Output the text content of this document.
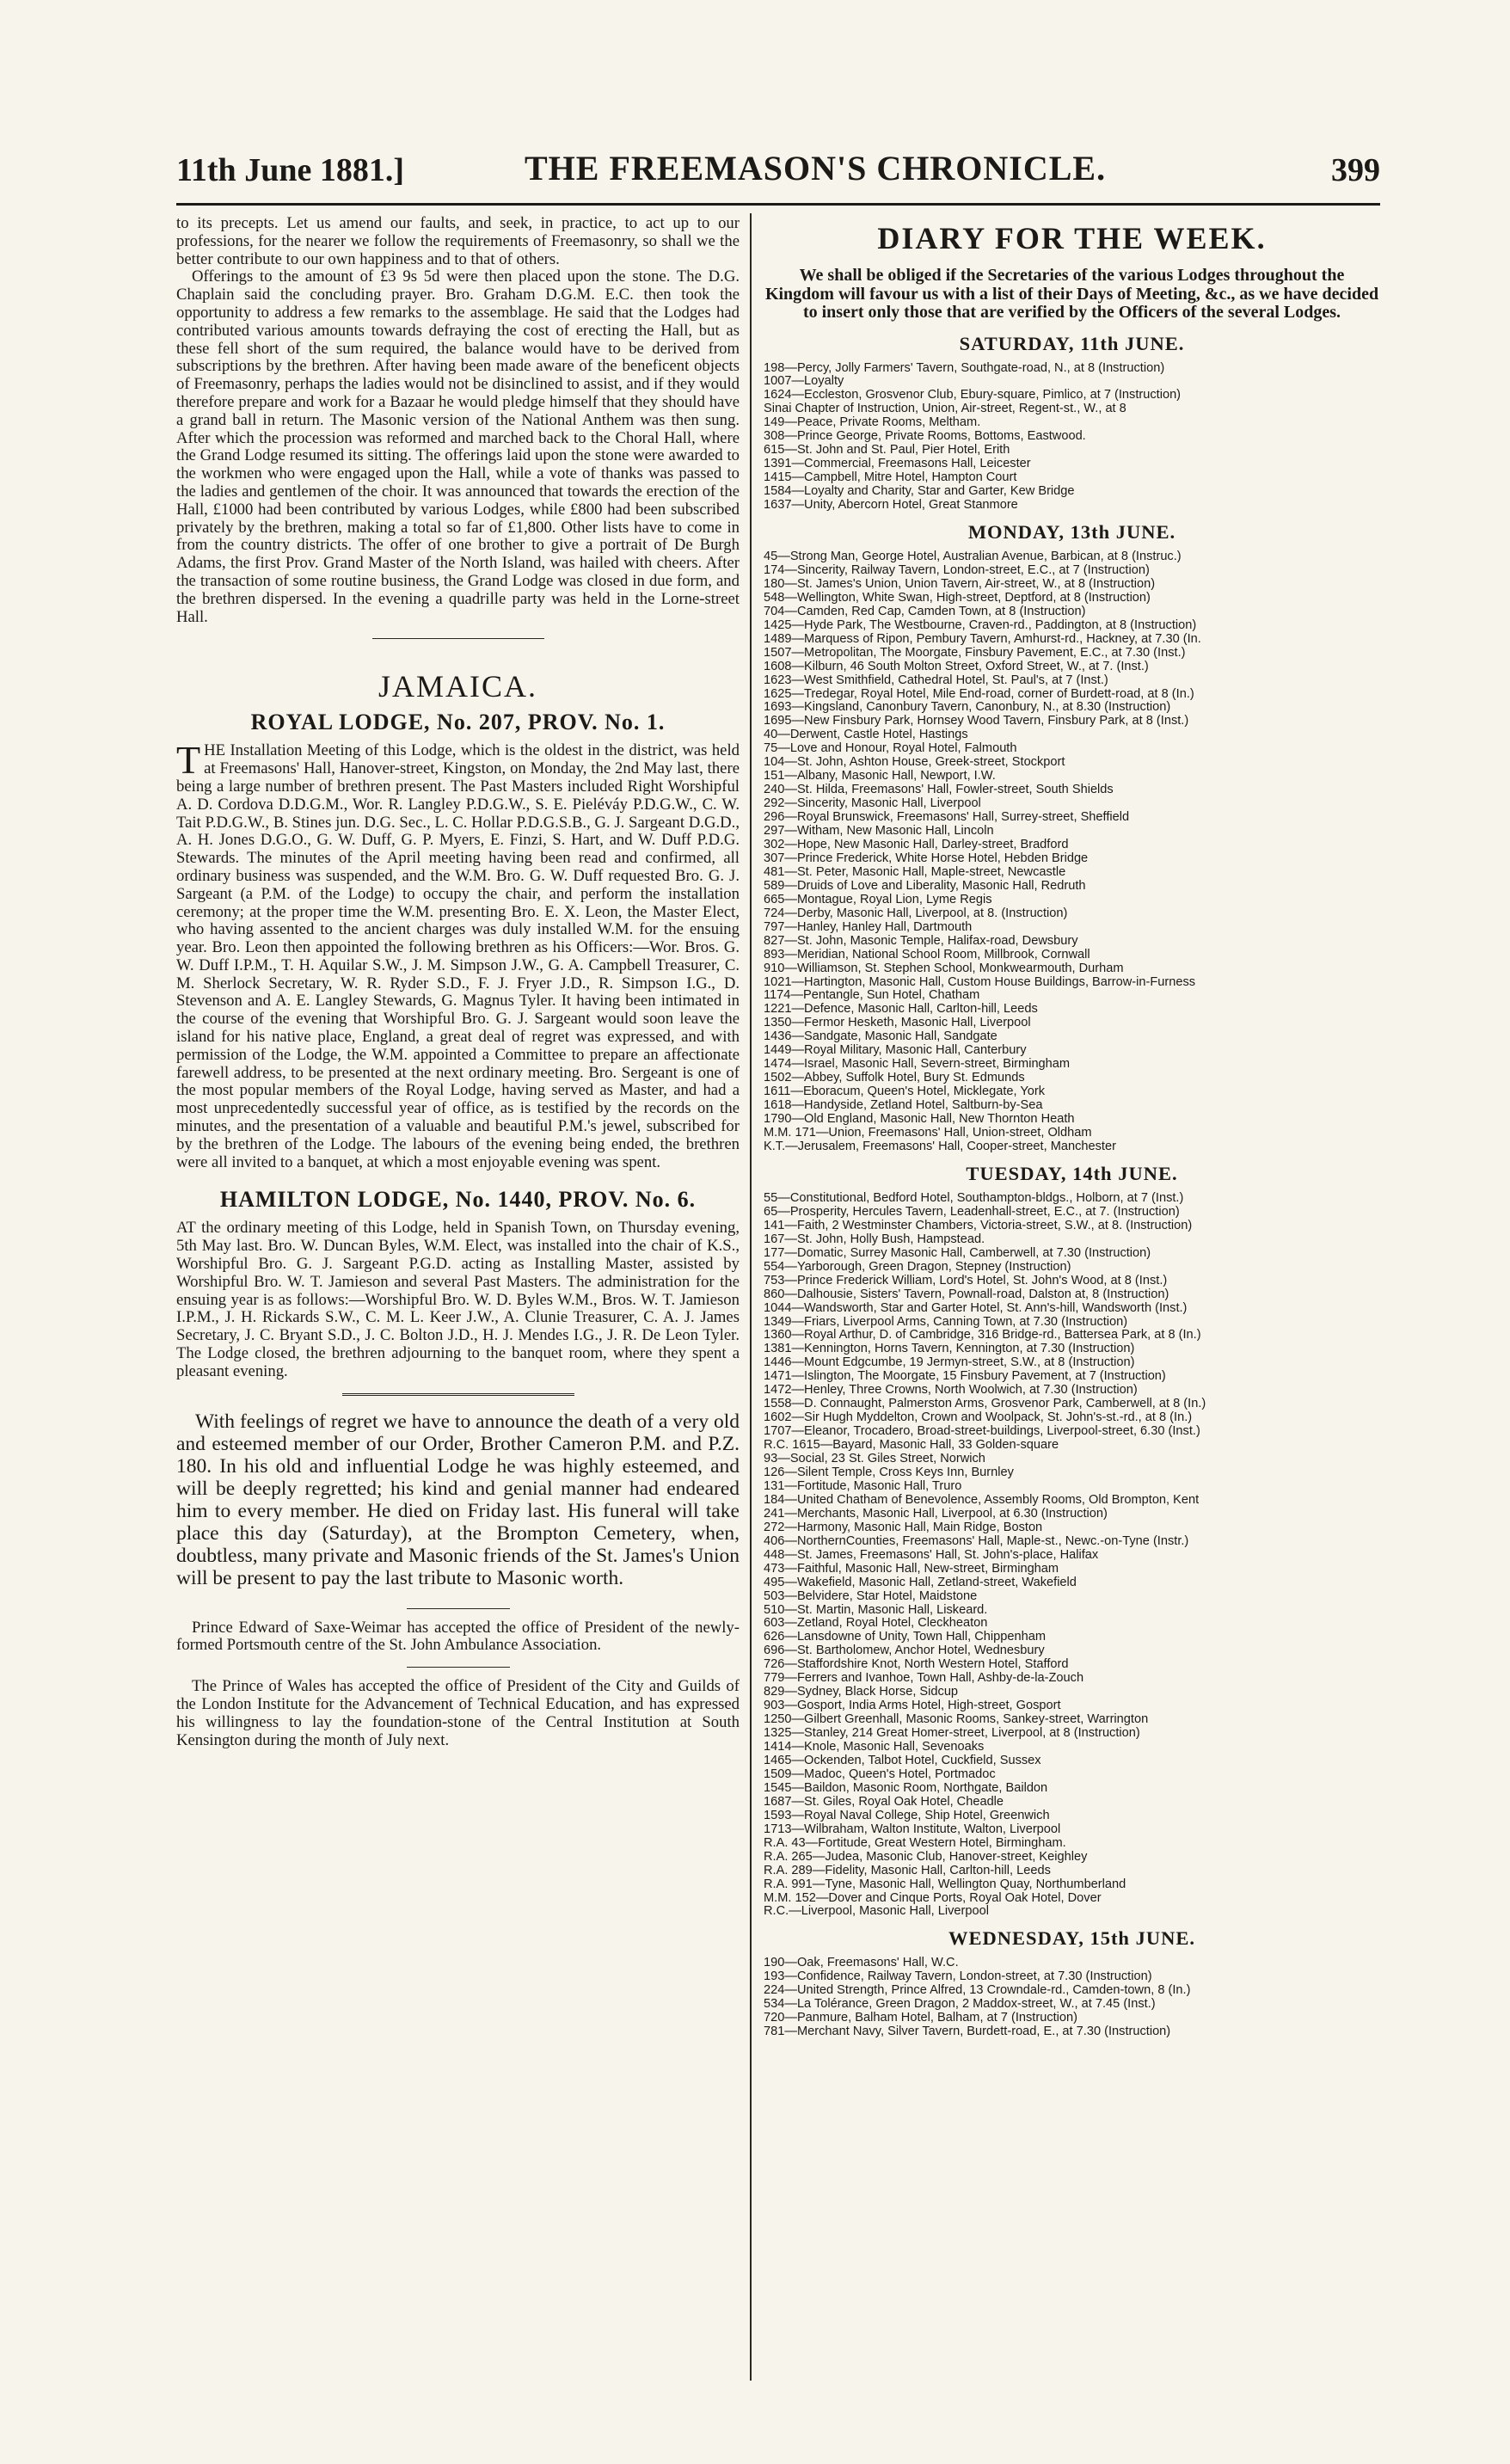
11th June 1881.]	THE FREEMASON'S CHRONICLE.	399

to its precepts. Let us amend our faults, and seek, in practice, to act up to our professions, for the nearer we follow the requirements of Freemasonry, so shall we the better contribute to our own happiness and to that of others.

Offerings to the amount of £3 9s 5d were then placed upon the stone. The D.G. Chaplain said the concluding prayer. Bro. Graham D.G.M. E.C. then took the opportunity to address a few remarks to the assemblage. He said that the Lodges had contributed various amounts towards defraying the cost of erecting the Hall, but as these fell short of the sum required, the balance would have to be derived from subscriptions by the brethren. After having been made aware of the beneficent objects of Freemasonry, perhaps the ladies would not be disinclined to assist, and if they would therefore prepare and work for a Bazaar he would pledge himself that they should have a grand ball in return. The Masonic version of the National Anthem was then sung. After which the procession was reformed and marched back to the Choral Hall, where the Grand Lodge resumed its sitting. The offerings laid upon the stone were awarded to the workmen who were engaged upon the Hall, while a vote of thanks was passed to the ladies and gentlemen of the choir. It was announced that towards the erection of the Hall, £1000 had been contributed by various Lodges, while £800 had been subscribed privately by the brethren, making a total so far of £1,800. Other lists have to come in from the country districts. The offer of one brother to give a portrait of De Burgh Adams, the first Prov. Grand Master of the North Island, was hailed with cheers. After the transaction of some routine business, the Grand Lodge was closed in due form, and the brethren dispersed. In the evening a quadrille party was held in the Lorne-street Hall.

JAMAICA.
ROYAL LODGE, No. 207, PROV. No. 1.

THE Installation Meeting of this Lodge, which is the oldest in the district, was held at Freemasons' Hall, Hanover-street, Kingston, on Monday, the 2nd May last, there being a large number of brethren present. The Past Masters included Right Worshipful A. D. Cordova D.D.G.M., Wor. R. Langley P.D.G.W., S. E. Pieléváy P.D.G.W., C. W. Tait P.D.G.W., B. Stines jun. D.G. Sec., L. C. Hollar P.D.G.S.B., G. J. Sargeant D.G.D., A. H. Jones D.G.O., G. W. Duff, G. P. Myers, E. Finzi, S. Hart, and W. Duff P.D.G. Stewards. The minutes of the April meeting having been read and confirmed, all ordinary business was suspended, and the W.M. Bro. G. W. Duff requested Bro. G. J. Sargeant (a P.M. of the Lodge) to occupy the chair, and perform the installation ceremony; at the proper time the W.M. presenting Bro. E. X. Leon, the Master Elect, who having assented to the ancient charges was duly installed W.M. for the ensuing year. Bro. Leon then appointed the following brethren as his Officers:—Wor. Bros. G. W. Duff I.P.M., T. H. Aquilar S.W., J. M. Simpson J.W., G. A. Campbell Treasurer, C. M. Sherlock Secretary, W. R. Ryder S.D., F. J. Fryer J.D., R. Simpson I.G., D. Stevenson and A. E. Langley Stewards, G. Magnus Tyler. It having been intimated in the course of the evening that Worshipful Bro. G. J. Sargeant would soon leave the island for his native place, England, a great deal of regret was expressed, and with permission of the Lodge, the W.M. appointed a Committee to prepare an affectionate farewell address, to be presented at the next ordinary meeting. Bro. Sergeant is one of the most popular members of the Royal Lodge, having served as Master, and had a most unprecedentedly successful year of office, as is testified by the records on the minutes, and the presentation of a valuable and beautiful P.M.'s jewel, subscribed for by the brethren of the Lodge. The labours of the evening being ended, the brethren were all invited to a banquet, at which a most enjoyable evening was spent.

HAMILTON LODGE, No. 1440, PROV. No. 6.

AT the ordinary meeting of this Lodge, held in Spanish Town, on Thursday evening, 5th May last. Bro. W. Duncan Byles, W.M. Elect, was installed into the chair of K.S., Worshipful Bro. G. J. Sargeant P.G.D. acting as Installing Master, assisted by Worshipful Bro. W. T. Jamieson and several Past Masters. The administration for the ensuing year is as follows:—Worshipful Bro. W. D. Byles W.M., Bros. W. T. Jamieson I.P.M., J. H. Rickards S.W., C. M. L. Keer J.W., A. Clunie Treasurer, C. A. J. James Secretary, J. C. Bryant S.D., J. C. Bolton J.D., H. J. Mendes I.G., J. R. De Leon Tyler. The Lodge closed, the brethren adjourning to the banquet room, where they spent a pleasant evening.

With feelings of regret we have to announce the death of a very old and esteemed member of our Order, Brother Cameron P.M. and P.Z. 180. In his old and influential Lodge he was highly esteemed, and will be deeply regretted; his kind and genial manner had endeared him to every member. He died on Friday last. His funeral will take place this day (Saturday), at the Brompton Cemetery, when, doubtless, many private and Masonic friends of the St. James's Union will be present to pay the last tribute to Masonic worth.

Prince Edward of Saxe-Weimar has accepted the office of President of the newly-formed Portsmouth centre of the St. John Ambulance Association.

The Prince of Wales has accepted the office of President of the City and Guilds of the London Institute for the Advancement of Technical Education, and has expressed his willingness to lay the foundation-stone of the Central Institution at South Kensington during the month of July next.

DIARY FOR THE WEEK.

We shall be obliged if the Secretaries of the various Lodges throughout the Kingdom will favour us with a list of their Days of Meeting, &c., as we have decided to insert only those that are verified by the Officers of the several Lodges.

SATURDAY, 11th JUNE.
198—Percy, Jolly Farmers' Tavern, Southgate-road, N., at 8 (Instruction)
1007—Loyalty
1624—Eccleston, Grosvenor Club, Ebury-square, Pimlico, at 7 (Instruction)
Sinai Chapter of Instruction, Union, Air-street, Regent-st., W., at 8
149—Peace, Private Rooms, Meltham.
308—Prince George, Private Rooms, Bottoms, Eastwood.
615—St. John and St. Paul, Pier Hotel, Erith
1391—Commercial, Freemasons Hall, Leicester
1415—Campbell, Mitre Hotel, Hampton Court
1584—Loyalty and Charity, Star and Garter, Kew Bridge
1637—Unity, Abercorn Hotel, Great Stanmore
MONDAY, 13th JUNE.
45—Strong Man, George Hotel, Australian Avenue, Barbican, at 8 (Instruc.)
174—Sincerity, Railway Tavern, London-street, E.C., at 7 (Instruction)
180—St. James's Union, Union Tavern, Air-street, W., at 8 (Instruction)
548—Wellington, White Swan, High-street, Deptford, at 8 (Instruction)
704—Camden, Red Cap, Camden Town, at 8 (Instruction)
1425—Hyde Park, The Westbourne, Craven-rd., Paddington, at 8 (Instruction)
1489—Marquess of Ripon, Pembury Tavern, Amhurst-rd., Hackney, at 7.30 (In.
1507—Metropolitan, The Moorgate, Finsbury Pavement, E.C., at 7.30 (Inst.)
1608—Kilburn, 46 South Molton Street, Oxford Street, W., at 7. (Inst.)
1623—West Smithfield, Cathedral Hotel, St. Paul's, at 7 (Inst.)
1625—Tredegar, Royal Hotel, Mile End-road, corner of Burdett-road, at 8 (In.)
1693—Kingsland, Canonbury Tavern, Canonbury, N., at 8.30 (Instruction)
1695—New Finsbury Park, Hornsey Wood Tavern, Finsbury Park, at 8 (Inst.)
40—Derwent, Castle Hotel, Hastings
75—Love and Honour, Royal Hotel, Falmouth
104—St. John, Ashton House, Greek-street, Stockport
151—Albany, Masonic Hall, Newport, I.W.
240—St. Hilda, Freemasons' Hall, Fowler-street, South Shields
292—Sincerity, Masonic Hall, Liverpool
296—Royal Brunswick, Freemasons' Hall, Surrey-street, Sheffield
297—Witham, New Masonic Hall, Lincoln
302—Hope, New Masonic Hall, Darley-street, Bradford
307—Prince Frederick, White Horse Hotel, Hebden Bridge
481—St. Peter, Masonic Hall, Maple-street, Newcastle
589—Druids of Love and Liberality, Masonic Hall, Redruth
665—Montague, Royal Lion, Lyme Regis
724—Derby, Masonic Hall, Liverpool, at 8. (Instruction)
797—Hanley, Hanley Hall, Dartmouth
827—St. John, Masonic Temple, Halifax-road, Dewsbury
893—Meridian, National School Room, Millbrook, Cornwall
910—Williamson, St. Stephen School, Monkwearmouth, Durham
1021—Hartington, Masonic Hall, Custom House Buildings, Barrow-in-Furness
1174—Pentangle, Sun Hotel, Chatham
1221—Defence, Masonic Hall, Carlton-hill, Leeds
1350—Fermor Hesketh, Masonic Hall, Liverpool
1436—Sandgate, Masonic Hall, Sandgate
1449—Royal Military, Masonic Hall, Canterbury
1474—Israel, Masonic Hall, Severn-street, Birmingham
1502—Abbey, Suffolk Hotel, Bury St. Edmunds
1611—Eboracum, Queen's Hotel, Micklegate, York
1618—Handyside, Zetland Hotel, Saltburn-by-Sea
1790—Old England, Masonic Hall, New Thornton Heath
M.M. 171—Union, Freemasons' Hall, Union-street, Oldham
K.T.—Jerusalem, Freemasons' Hall, Cooper-street, Manchester
TUESDAY, 14th JUNE.
55—Constitutional, Bedford Hotel, Southampton-bldgs., Holborn, at 7 (Inst.)
65—Prosperity, Hercules Tavern, Leadenhall-street, E.C., at 7. (Instruction)
141—Faith, 2 Westminster Chambers, Victoria-street, S.W., at 8. (Instruction)
167—St. John, Holly Bush, Hampstead.
177—Domatic, Surrey Masonic Hall, Camberwell, at 7.30 (Instruction)
554—Yarborough, Green Dragon, Stepney (Instruction)
753—Prince Frederick William, Lord's Hotel, St. John's Wood, at 8 (Inst.)
860—Dalhousie, Sisters' Tavern, Pownall-road, Dalston at, 8 (Instruction)
1044—Wandsworth, Star and Garter Hotel, St. Ann's-hill, Wandsworth (Inst.)
1349—Friars, Liverpool Arms, Canning Town, at 7.30 (Instruction)
1360—Royal Arthur, D. of Cambridge, 316 Bridge-rd., Battersea Park, at 8 (In.)
1381—Kennington, Horns Tavern, Kennington, at 7.30 (Instruction)
1446—Mount Edgcumbe, 19 Jermyn-street, S.W., at 8 (Instruction)
1471—Islington, The Moorgate, 15 Finsbury Pavement, at 7 (Instruction)
1472—Henley, Three Crowns, North Woolwich, at 7.30 (Instruction)
1558—D. Connaught, Palmerston Arms, Grosvenor Park, Camberwell, at 8 (In.)
1602—Sir Hugh Myddelton, Crown and Woolpack, St. John's-st.-rd., at 8 (In.)
1707—Eleanor, Trocadero, Broad-street-buildings, Liverpool-street, 6.30 (Inst.)
R.C. 1615—Bayard, Masonic Hall, 33 Golden-square
93—Social, 23 St. Giles Street, Norwich
126—Silent Temple, Cross Keys Inn, Burnley
131—Fortitude, Masonic Hall, Truro
184—United Chatham of Benevolence, Assembly Rooms, Old Brompton, Kent
241—Merchants, Masonic Hall, Liverpool, at 6.30 (Instruction)
272—Harmony, Masonic Hall, Main Ridge, Boston
406—NorthernCounties, Freemasons' Hall, Maple-st., Newc.-on-Tyne (Instr.)
448—St. James, Freemasons' Hall, St. John's-place, Halifax
473—Faithful, Masonic Hall, New-street, Birmingham
495—Wakefield, Masonic Hall, Zetland-street, Wakefield
503—Belvidere, Star Hotel, Maidstone
510—St. Martin, Masonic Hall, Liskeard.
603—Zetland, Royal Hotel, Cleckheaton
626—Lansdowne of Unity, Town Hall, Chippenham
696—St. Bartholomew, Anchor Hotel, Wednesbury
726—Staffordshire Knot, North Western Hotel, Stafford
779—Ferrers and Ivanhoe, Town Hall, Ashby-de-la-Zouch
829—Sydney, Black Horse, Sidcup
903—Gosport, India Arms Hotel, High-street, Gosport
1250—Gilbert Greenhall, Masonic Rooms, Sankey-street, Warrington
1325—Stanley, 214 Great Homer-street, Liverpool, at 8 (Instruction)
1414—Knole, Masonic Hall, Sevenoaks
1465—Ockenden, Talbot Hotel, Cuckfield, Sussex
1509—Madoc, Queen's Hotel, Portmadoc
1545—Baildon, Masonic Room, Northgate, Baildon
1687—St. Giles, Royal Oak Hotel, Cheadle
1593—Royal Naval College, Ship Hotel, Greenwich
1713—Wilbraham, Walton Institute, Walton, Liverpool
R.A. 43—Fortitude, Great Western Hotel, Birmingham.
R.A. 265—Judea, Masonic Club, Hanover-street, Keighley
R.A. 289—Fidelity, Masonic Hall, Carlton-hill, Leeds
R.A. 991—Tyne, Masonic Hall, Wellington Quay, Northumberland
M.M. 152—Dover and Cinque Ports, Royal Oak Hotel, Dover
R.C.—Liverpool, Masonic Hall, Liverpool
WEDNESDAY, 15th JUNE.
190—Oak, Freemasons' Hall, W.C.
193—Confidence, Railway Tavern, London-street, at 7.30 (Instruction)
224—United Strength, Prince Alfred, 13 Crowndale-rd., Camden-town, 8 (In.)
534—La Tolérance, Green Dragon, 2 Maddox-street, W., at 7.45 (Inst.)
720—Panmure, Balham Hotel, Balham, at 7 (Instruction)
781—Merchant Navy, Silver Tavern, Burdett-road, E., at 7.30 (Instruction)
